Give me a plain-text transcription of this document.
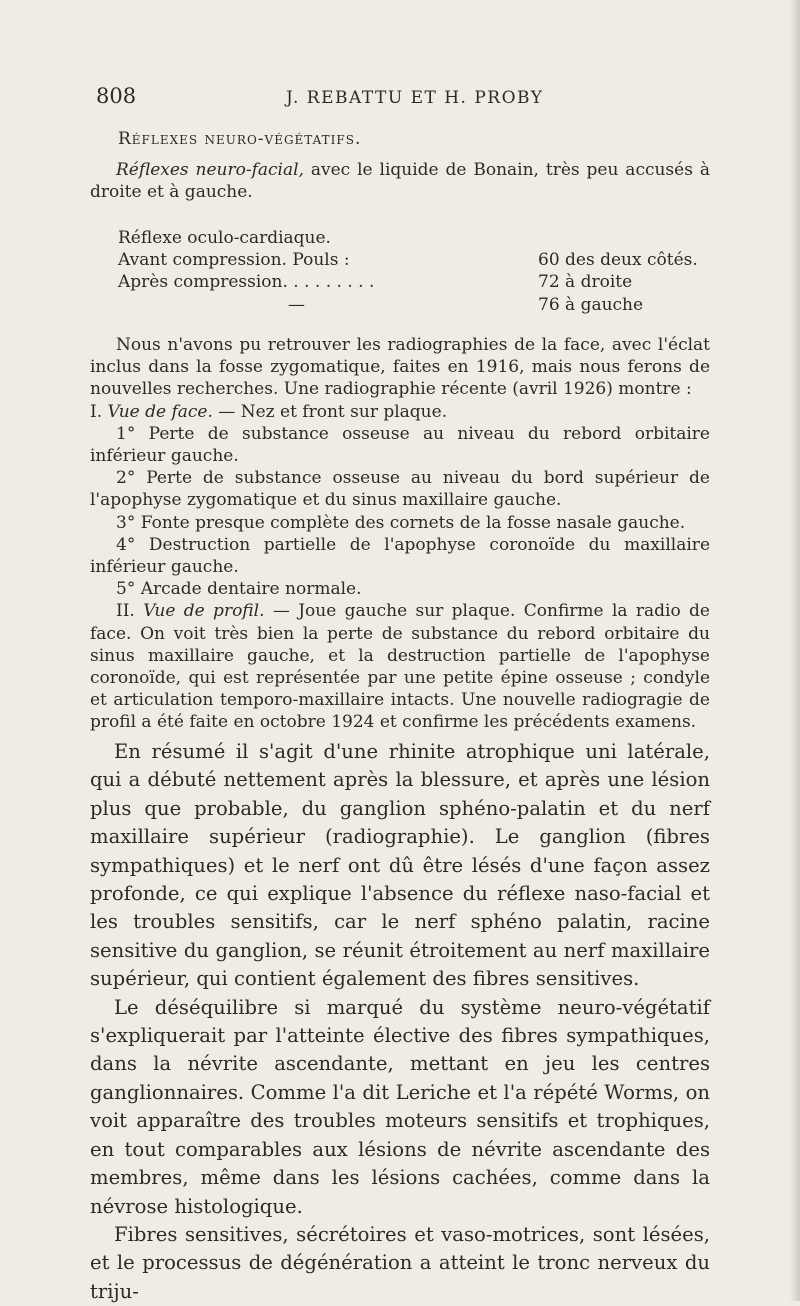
808	J. REBATTU ET H. PROBY

Réflexes neuro-végétatifs.

Réflexes neuro-facial, avec le liquide de Bonain, très peu accusés à droite et à gauche.

Réflexe oculo-cardiaque.
Avant compression. Pouls :	60 des deux côtés.
Après compression. . . . . . . . .	72 à droite
—	76 à gauche

Nous n'avons pu retrouver les radiographies de la face, avec l'éclat inclus dans la fosse zygomatique, faites en 1916, mais nous ferons de nouvelles recherches. Une radiographie récente (avril 1926) montre :

I. Vue de face. — Nez et front sur plaque.

1° Perte de substance osseuse au niveau du rebord orbitaire inférieur gauche.

2° Perte de substance osseuse au niveau du bord supérieur de l'apophyse zygomatique et du sinus maxillaire gauche.

3° Fonte presque complète des cornets de la fosse nasale gauche.

4° Destruction partielle de l'apophyse coronoïde du maxillaire inférieur gauche.

5° Arcade dentaire normale.

II. Vue de profil. — Joue gauche sur plaque. Confirme la radio de face. On voit très bien la perte de substance du rebord orbitaire du sinus maxillaire gauche, et la destruction partielle de l'apophyse coronoïde, qui est représentée par une petite épine osseuse ; condyle et articulation temporo-maxillaire intacts. Une nouvelle radiogragie de profil a été faite en octobre 1924 et confirme les précédents examens.

En résumé il s'agit d'une rhinite atrophique uni latérale, qui a débuté nettement après la blessure, et après une lésion plus que probable, du ganglion sphéno-palatin et du nerf maxillaire supérieur (radiographie). Le ganglion (fibres sympathiques) et le nerf ont dû être lésés d'une façon assez profonde, ce qui explique l'absence du réflexe naso-facial et les troubles sensitifs, car le nerf sphéno palatin, racine sensitive du ganglion, se réunit étroitement au nerf maxillaire supérieur, qui contient également des fibres sensitives.

Le déséquilibre si marqué du système neuro-végétatif s'expliquerait par l'atteinte élective des fibres sympathiques, dans la névrite ascendante, mettant en jeu les centres ganglionnaires. Comme l'a dit Leriche et l'a répété Worms, on voit apparaître des troubles moteurs sensitifs et trophiques, en tout comparables aux lésions de névrite ascendante des membres, même dans les lésions cachées, comme dans la névrose histologique.

Fibres sensitives, sécrétoires et vaso-motrices, sont lésées, et le processus de dégénération a atteint le tronc nerveux du triju-
